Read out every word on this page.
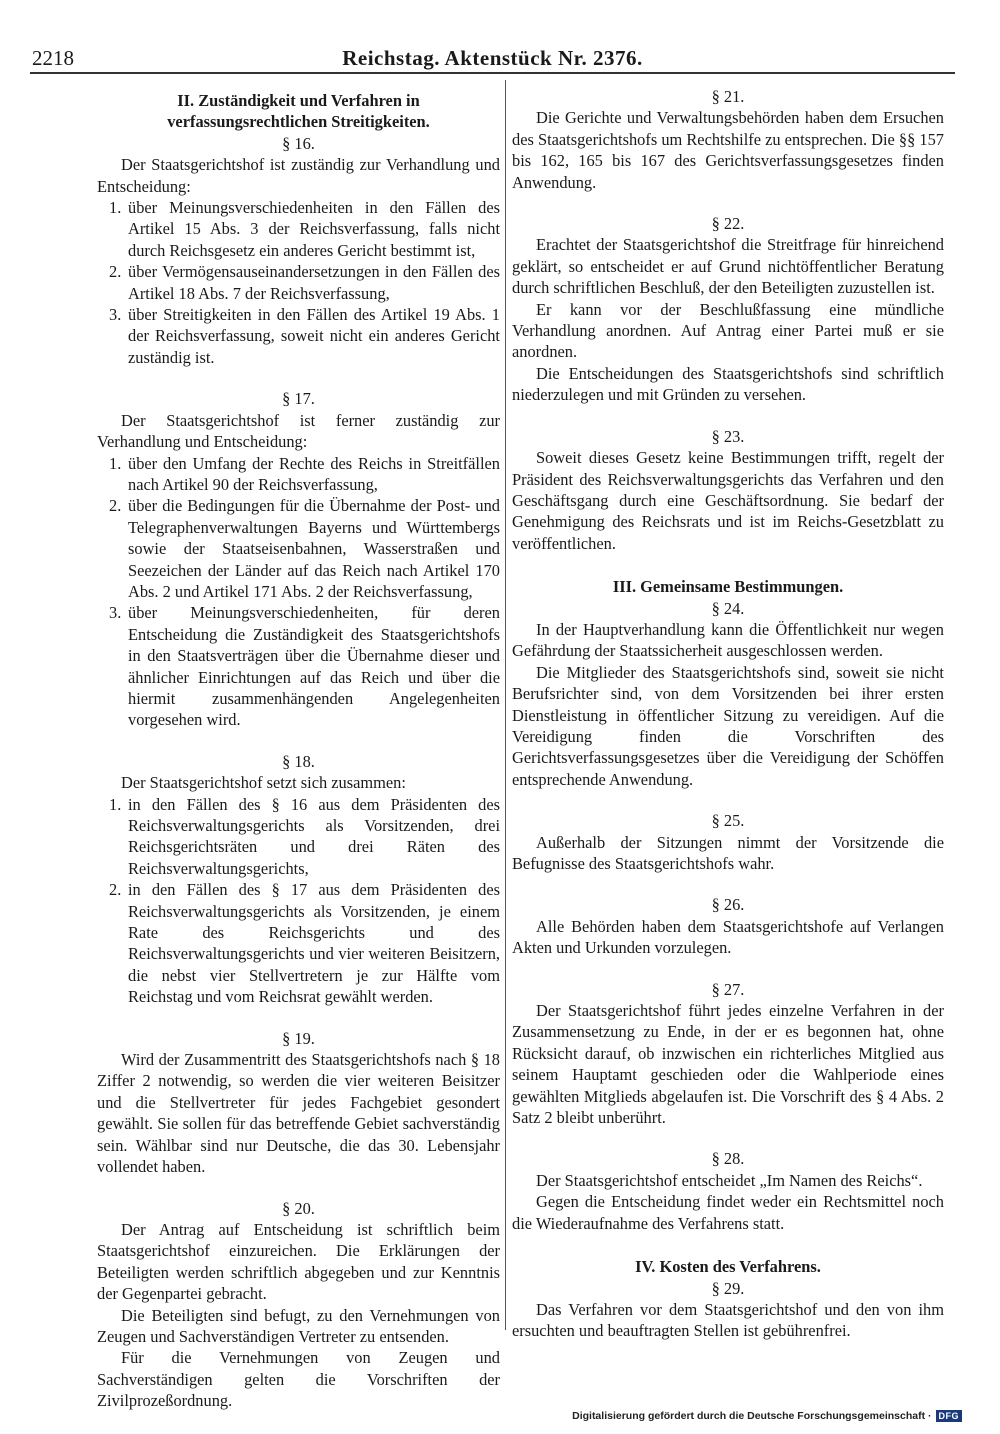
2218	Reichstag. Aktenstück Nr. 2376.
II. Zuständigkeit und Verfahren in verfassungsrechtlichen Streitigkeiten.
§ 16.
Der Staatsgerichtshof ist zuständig zur Verhandlung und Entscheidung:
1. über Meinungsverschiedenheiten in den Fällen des Artikel 15 Abs. 3 der Reichsverfassung, falls nicht durch Reichsgesetz ein anderes Gericht bestimmt ist,
2. über Vermögensauseinandersetzungen in den Fällen des Artikel 18 Abs. 7 der Reichsverfassung,
3. über Streitigkeiten in den Fällen des Artikel 19 Abs. 1 der Reichsverfassung, soweit nicht ein anderes Gericht zuständig ist.
§ 17.
Der Staatsgerichtshof ist ferner zuständig zur Verhandlung und Entscheidung:
1. über den Umfang der Rechte des Reichs in Streitfällen nach Artikel 90 der Reichsverfassung,
2. über die Bedingungen für die Übernahme der Post- und Telegraphenverwaltungen Bayerns und Württembergs sowie der Staatseisenbahnen, Wasserstraßen und Seezeichen der Länder auf das Reich nach Artikel 170 Abs. 2 und Artikel 171 Abs. 2 der Reichsverfassung,
3. über Meinungsverschiedenheiten, für deren Entscheidung die Zuständigkeit des Staatsgerichtshofs in den Staatsverträgen über die Übernahme dieser und ähnlicher Einrichtungen auf das Reich und über die hiermit zusammenhängenden Angelegenheiten vorgesehen wird.
§ 18.
Der Staatsgerichtshof setzt sich zusammen:
1. in den Fällen des § 16 aus dem Präsidenten des Reichsverwaltungsgerichts als Vorsitzenden, drei Reichsgerichtsräten und drei Räten des Reichsverwaltungsgerichts,
2. in den Fällen des § 17 aus dem Präsidenten des Reichsverwaltungsgerichts als Vorsitzenden, je einem Rate des Reichsgerichts und des Reichsverwaltungsgerichts und vier weiteren Beisitzern, die nebst vier Stellvertretern je zur Hälfte vom Reichstag und vom Reichsrat gewählt werden.
§ 19.
Wird der Zusammentritt des Staatsgerichtshofs nach § 18 Ziffer 2 notwendig, so werden die vier weiteren Beisitzer und die Stellvertreter für jedes Fachgebiet gesondert gewählt. Sie sollen für das betreffende Gebiet sachverständig sein. Wählbar sind nur Deutsche, die das 30. Lebensjahr vollendet haben.
§ 20.
Der Antrag auf Entscheidung ist schriftlich beim Staatsgerichtshof einzureichen. Die Erklärungen der Beteiligten werden schriftlich abgegeben und zur Kenntnis der Gegenpartei gebracht.
Die Beteiligten sind befugt, zu den Vernehmungen von Zeugen und Sachverständigen Vertreter zu entsenden.
Für die Vernehmungen von Zeugen und Sachverständigen gelten die Vorschriften der Zivilprozeßordnung.
§ 21.
Die Gerichte und Verwaltungsbehörden haben dem Ersuchen des Staatsgerichtshofs um Rechtshilfe zu entsprechen. Die §§ 157 bis 162, 165 bis 167 des Gerichtsverfassungsgesetzes finden Anwendung.
§ 22.
Erachtet der Staatsgerichtshof die Streitfrage für hinreichend geklärt, so entscheidet er auf Grund nichtöffentlicher Beratung durch schriftlichen Beschluß, der den Beteiligten zuzustellen ist.
Er kann vor der Beschlußfassung eine mündliche Verhandlung anordnen. Auf Antrag einer Partei muß er sie anordnen.
Die Entscheidungen des Staatsgerichtshofs sind schriftlich niederzulegen und mit Gründen zu versehen.
§ 23.
Soweit dieses Gesetz keine Bestimmungen trifft, regelt der Präsident des Reichsverwaltungsgerichts das Verfahren und den Geschäftsgang durch eine Geschäftsordnung. Sie bedarf der Genehmigung des Reichsrats und ist im Reichs-Gesetzblatt zu veröffentlichen.
III. Gemeinsame Bestimmungen.
§ 24.
In der Hauptverhandlung kann die Öffentlichkeit nur wegen Gefährdung der Staatssicherheit ausgeschlossen werden.
Die Mitglieder des Staatsgerichtshofs sind, soweit sie nicht Berufsrichter sind, von dem Vorsitzenden bei ihrer ersten Dienstleistung in öffentlicher Sitzung zu vereidigen. Auf die Vereidigung finden die Vorschriften des Gerichtsverfassungsgesetzes über die Vereidigung der Schöffen entsprechende Anwendung.
§ 25.
Außerhalb der Sitzungen nimmt der Vorsitzende die Befugnisse des Staatsgerichtshofs wahr.
§ 26.
Alle Behörden haben dem Staatsgerichtshofe auf Verlangen Akten und Urkunden vorzulegen.
§ 27.
Der Staatsgerichtshof führt jedes einzelne Verfahren in der Zusammensetzung zu Ende, in der er es begonnen hat, ohne Rücksicht darauf, ob inzwischen ein richterliches Mitglied aus seinem Hauptamt geschieden oder die Wahlperiode eines gewählten Mitglieds abgelaufen ist. Die Vorschrift des § 4 Abs. 2 Satz 2 bleibt unberührt.
§ 28.
Der Staatsgerichtshof entscheidet „Im Namen des Reichs“.
Gegen die Entscheidung findet weder ein Rechtsmittel noch die Wiederaufnahme des Verfahrens statt.
IV. Kosten des Verfahrens.
§ 29.
Das Verfahren vor dem Staatsgerichtshof und den von ihm ersuchten und beauftragten Stellen ist gebührenfrei.
Digitalisierung gefördert durch die Deutsche Forschungsgemeinschaft · DFG
